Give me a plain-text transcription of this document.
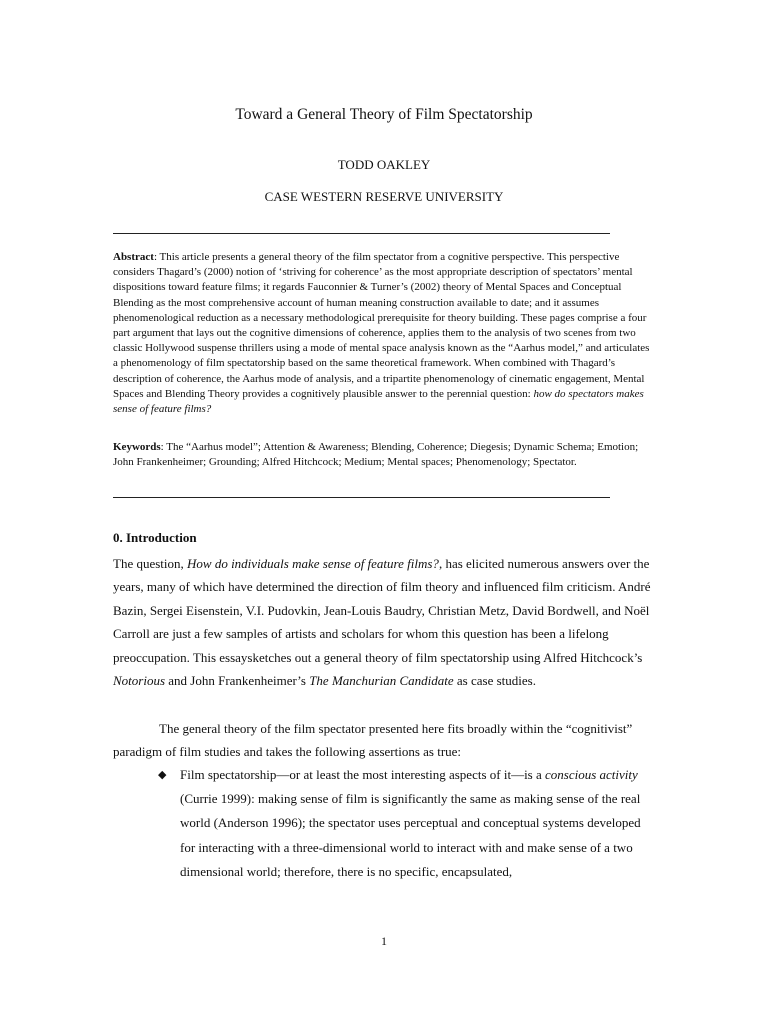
Toward a General Theory of Film Spectatorship
TODD OAKLEY
CASE WESTERN RESERVE UNIVERSITY

Abstract: This article presents a general theory of the film spectator from a cognitive perspective. This perspective considers Thagard’s (2000) notion of ‘striving for coherence’ as the most appropriate description of spectators’ mental dispositions toward feature films; it regards Fauconnier & Turner’s (2002) theory of Mental Spaces and Conceptual Blending as the most comprehensive account of human meaning construction available to date; and it assumes phenomenological reduction as a necessary methodological prerequisite for theory building. These pages comprise a four part argument that lays out the cognitive dimensions of coherence, applies them to the analysis of two scenes from two classic Hollywood suspense thrillers using a mode of mental space analysis known as the “Aarhus model,” and articulates a phenomenology of film spectatorship based on the same theoretical framework. When combined with Thagard’s description of coherence, the Aarhus mode of analysis, and a tripartite phenomenology of cinematic engagement, Mental Spaces and Blending Theory provides a cognitively plausible answer to the perennial question: how do spectators makes sense of feature films?

Keywords: The “Aarhus model”; Attention & Awareness; Blending, Coherence; Diegesis; Dynamic Schema; Emotion; John Frankenheimer; Grounding; Alfred Hitchcock; Medium; Mental spaces; Phenomenology; Spectator.

0. Introduction

The question, How do individuals make sense of feature films?, has elicited numerous answers over the years, many of which have determined the direction of film theory and influenced film criticism. André Bazin, Sergei Eisenstein, V.I. Pudovkin, Jean-Louis Baudry, Christian Metz, David Bordwell, and Noël Carroll are just a few samples of artists and scholars for whom this question has been a lifelong preoccupation. This essaysketches out a general theory of film spectatorship using Alfred Hitchcock’s Notorious and John Frankenheimer’s The Manchurian Candidate as case studies.

The general theory of the film spectator presented here fits broadly within the “cognitivist” paradigm of film studies and takes the following assertions as true:

◆ Film spectatorship—or at least the most interesting aspects of it—is a conscious activity (Currie 1999): making sense of film is significantly the same as making sense of the real world (Anderson 1996); the spectator uses perceptual and conceptual systems developed for interacting with a three-dimensional world to interact with and make sense of a two dimensional world; therefore, there is no specific, encapsulated,
1
